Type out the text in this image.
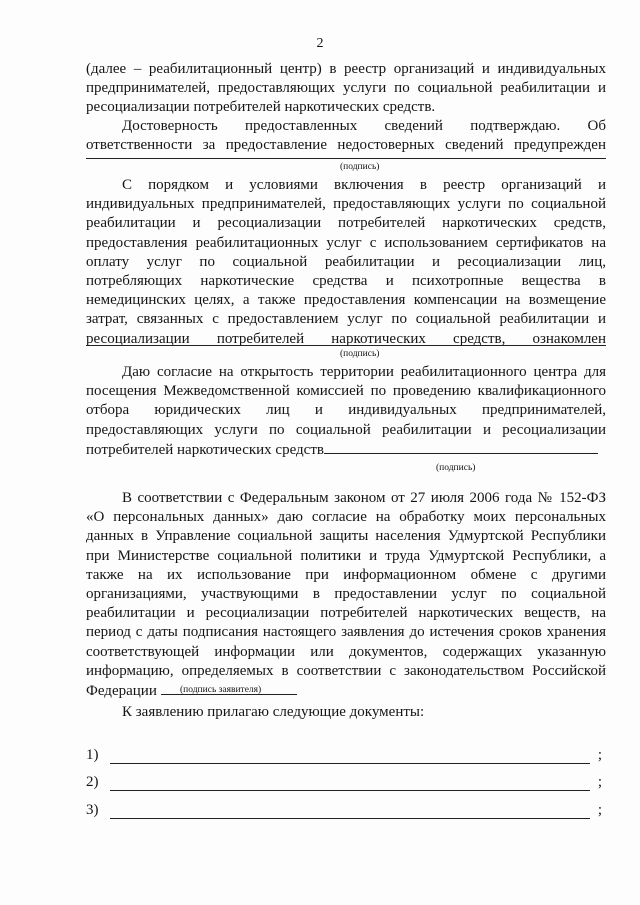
2
(далее – реабилитационный центр) в реестр организаций и индивидуальных
предпринимателей, предоставляющих услуги по социальной реабилитации и
ресоциализации потребителей наркотических средств.
Достоверность предоставленных сведений подтверждаю. Об
ответственности за предоставление недостоверных сведений предупрежден
(подпись)
С порядком и условиями включения в реестр организаций и
индивидуальных предпринимателей, предоставляющих услуги по социальной
реабилитации и ресоциализации потребителей наркотических средств,
предоставления реабилитационных услуг с использованием сертификатов на
оплату услуг по социальной реабилитации и ресоциализации лиц,
потребляющих наркотические средства и психотропные вещества в
немедицинских целях, а также предоставления компенсации на возмещение
затрат, связанных с предоставлением услуг по социальной реабилитации и
ресоциализации потребителей наркотических средств, ознакомлен
(подпись)
Даю согласие на открытость территории реабилитационного центра для
посещения Межведомственной комиссией по проведению квалификационного
отбора юридических лиц и индивидуальных предпринимателей,
предоставляющих услуги по социальной реабилитации и ресоциализации
потребителей наркотических средств
(подпись)
В соответствии с Федеральным законом от 27 июля 2006 года № 152-ФЗ
«О персональных данных» даю согласие на обработку моих персональных
данных в Управление социальной защиты населения Удмуртской Республики
при Министерстве социальной политики и труда Удмуртской Республики, а
также на их использование при информационном обмене с другими
организациями, участвующими в предоставлении услуг по социальной
реабилитации и ресоциализации потребителей наркотических веществ, на
период с даты подписания настоящего заявления до истечения сроков хранения
соответствующей информации или документов, содержащих указанную
информацию, определяемых в соответствии с законодательством Российской
Федерации	(подпись заявителя)
К заявлению прилагаю следующие документы:
1)	;
2)	;
3)	;
